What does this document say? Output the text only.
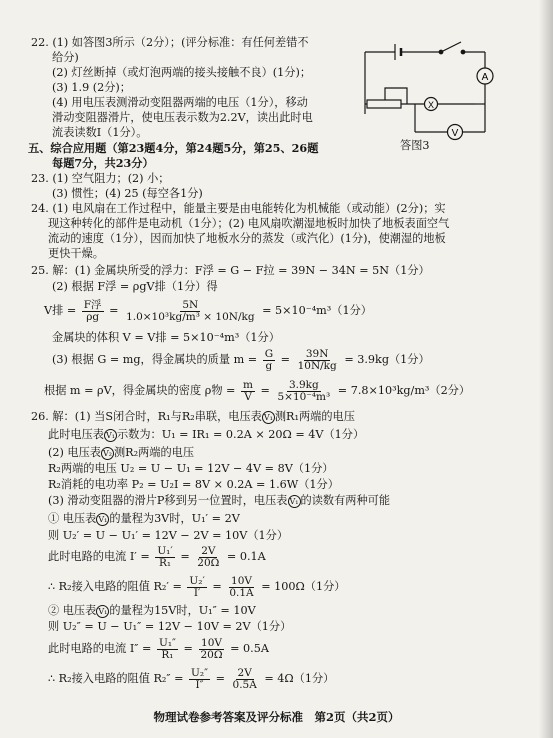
22. (1) 如答图3所示（2分）；(评分标准：有任何差错不
给分)
(2) 灯丝断掉（或灯泡两端的接头接触不良）(1分)；
(3) 1.9 (2分)；
(4) 用电压表测滑动变阻器两端的电压（1分），移动
滑动变阻器滑片，使电压表示数为2.2V，读出此时电
流表读数I（1分）。
A
X
V
答图3
五、综合应用题（第23题4分，第24题5分，第25、26题
每题7分，共23分）
23. (1) 空气阻力；(2) 小；
(3) 惯性；(4) 25 (每空各1分)
24. (1) 电风扇在工作过程中，能量主要是由电能转化为机械能（或动能）(2分)；实
现这种转化的部件是电动机（1分）；(2) 电风扇吹潮湿地板时加快了地板表面空气
流动的速度（1分），因而加快了地板水分的蒸发（或汽化）(1分)，使潮湿的地板
更快干燥。
25. 解：(1) 金属块所受的浮力：F浮 = G − F拉 = 39N − 34N = 5N（1分）
(2) 根据 F浮 = ρgV排（1分）得
V排 = $\frac{\text{F浮}}{\rho g} = \frac{5N}{\text{1.0×10³kg/m³ × 10N/kg}} = 5\times 10^{-4}m^3(1$分）
金属块的体积 V = V排 = 5×10⁻⁴m³（1分）
(3) 根据 G = mg，得金属块的质量 $m = \frac{G}{g} = \frac{39N}{10N/kg} = 3.9kg(1$分）
根据 m = ρV，得金属块的密度 ρ物 = $\frac{m}{V} = \frac{3.9kg}{\text{5×10⁻⁴m³}} = 7.8\times 10^3kg/m^3(2$分）
26. 解：(1) 当S闭合时，R₁与R₂串联，电压表 V₁ 测R₁两端的电压
此时电压表 V₁ 示数为：U₁ = IR₁ = 0.2A × 20Ω = 4V（1分）
(2) 电压表 V₂ 测R₂两端的电压
R₂两端的电压 U₂ = U − U₁ = 12V − 4V = 8V（1分）
R₂消耗的电功率 P₂ = U₂I = 8V × 0.2A = 1.6W（1分）
(3) 滑动变阻器的滑片P移到另一位置时，电压表 V₁ 的读数有两种可能
① 电压表 V₁ 的量程为3V时，U₁′ = 2V
则 U₂′ = U − U₁′ = 12V − 2V = 10V（1分）
此时电路的电流 $I' = \frac{\text{U₁′}}{\text{R₁}} = \frac{2V}{20\Omega} = 0.1A$
∴ R₂接入电路的阻值 $R_2' = \frac{\text{U₂′}}{I'} = \frac{10V}{0.1A} = 100\Omega(1$分）
② 电压表 V₁ 的量程为15V时，U₁″ = 10V
则 U₂″ = U − U₁″ = 12V − 10V = 2V（1分）
此时电路的电流 $I'' = \frac{\text{U₁″}}{\text{R₁}} = \frac{10V}{20\Omega} = 0.5A$
∴ R₂接入电路的阻值 $R_2'' = \frac{\text{U₂″}}{I''} = \frac{2V}{0.5A} = 4\Omega(1$分）
物理试卷参考答案及评分标准　第2页（共2页）
